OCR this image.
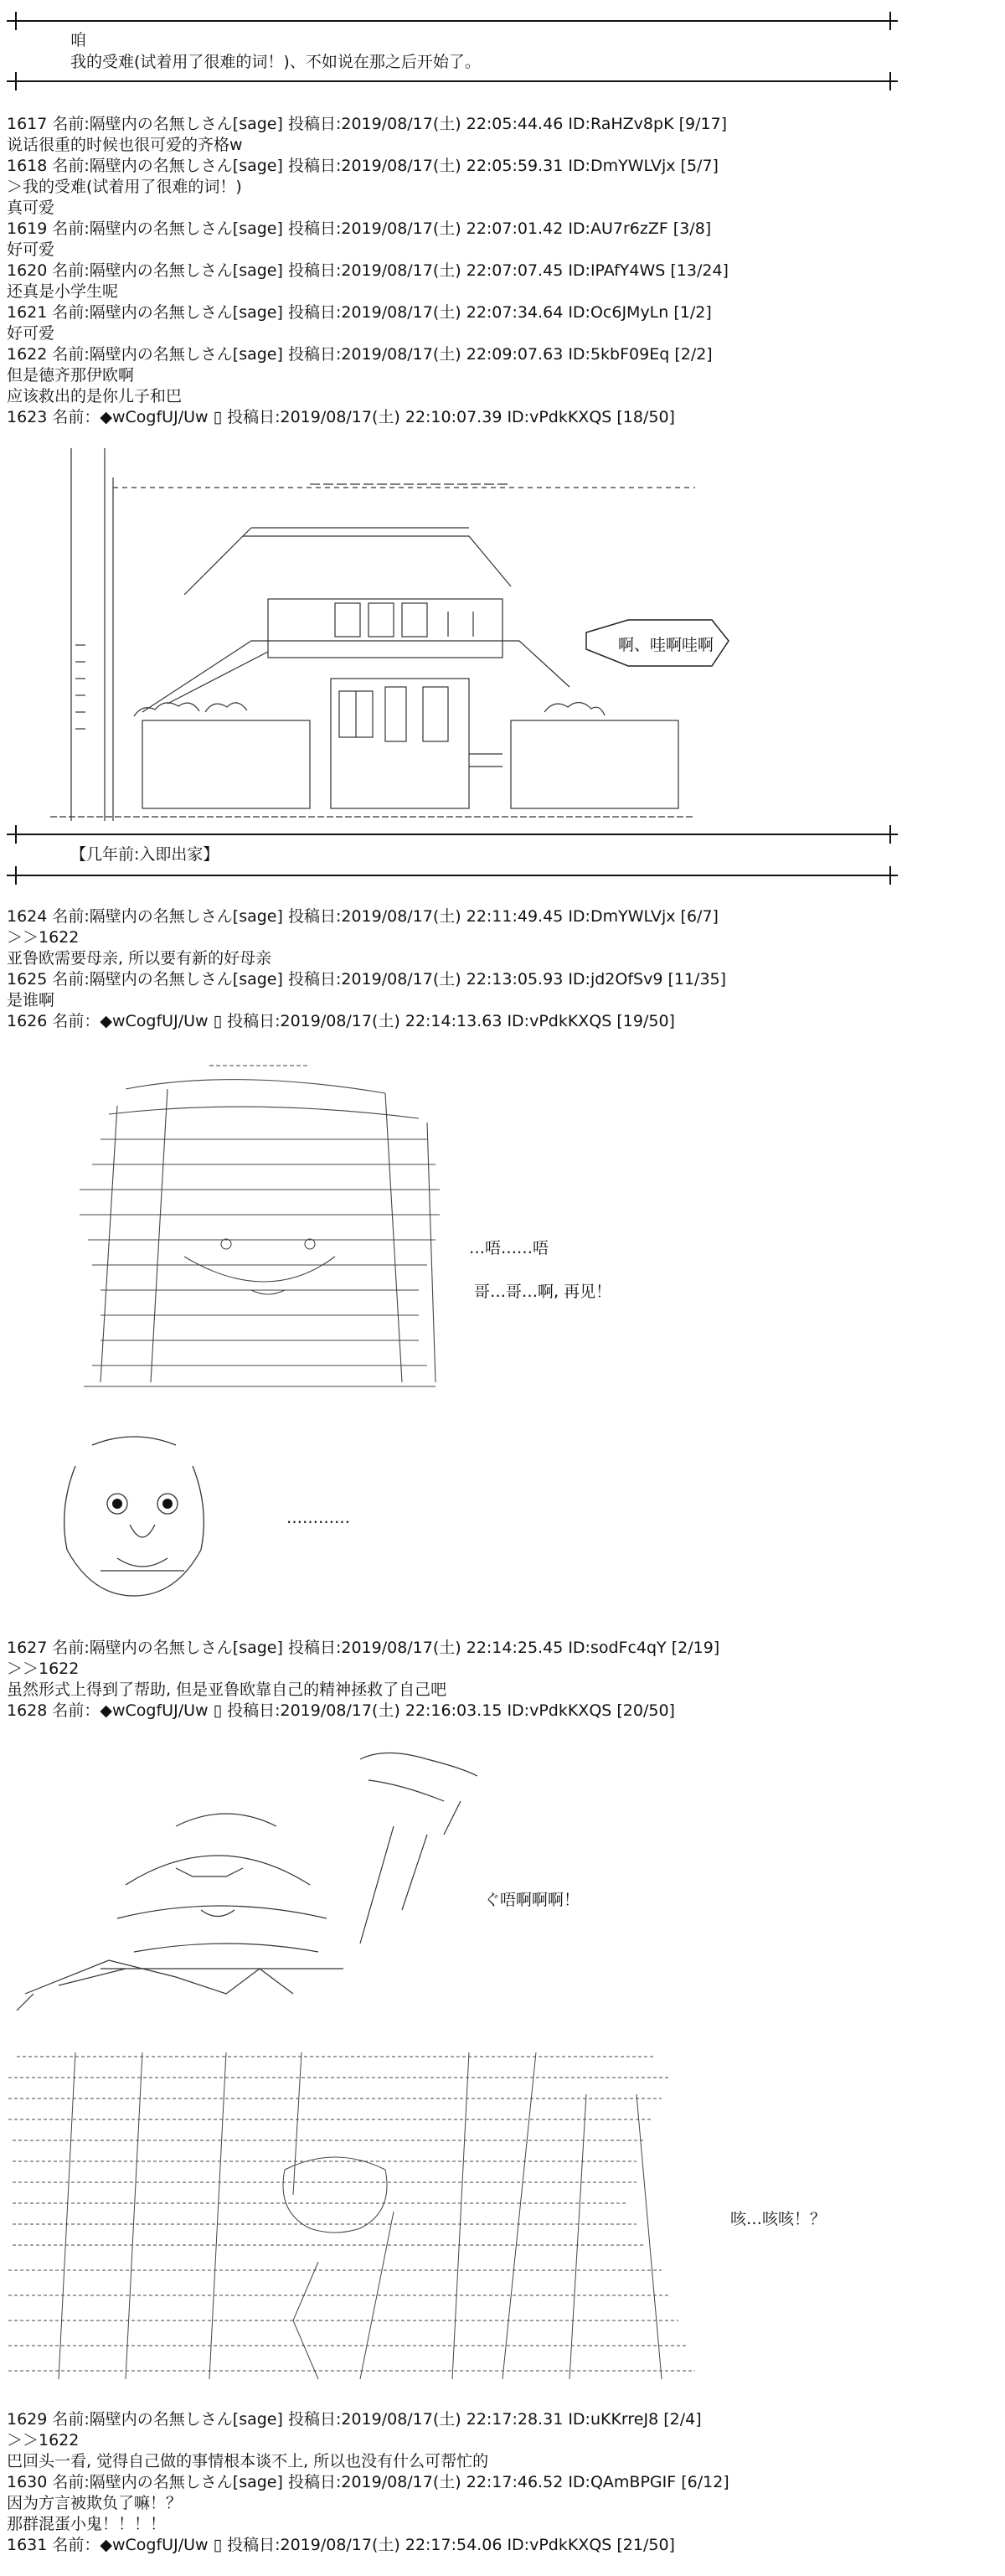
咱
我的受难(试着用了很难的词！)、不如说在那之后开始了。
1617 名前:隔壁内の名無しさん[sage] 投稿日:2019/08/17(土) 22:05:44.46 ID:RaHZv8pK [9/17]
说话很重的时候也很可爱的齐格w
1618 名前:隔壁内の名無しさん[sage] 投稿日:2019/08/17(土) 22:05:59.31 ID:DmYWLVjx [5/7]
＞我的受难(试着用了很难的词！)
真可爱
1619 名前:隔壁内の名無しさん[sage] 投稿日:2019/08/17(土) 22:07:01.42 ID:AU7r6zZF [3/8]
好可爱
1620 名前:隔壁内の名無しさん[sage] 投稿日:2019/08/17(土) 22:07:07.45 ID:IPAfY4WS [13/24]
还真是小学生呢
1621 名前:隔壁内の名無しさん[sage] 投稿日:2019/08/17(土) 22:07:34.64 ID:Oc6JMyLn [1/2]
好可爱
1622 名前:隔壁内の名無しさん[sage] 投稿日:2019/08/17(土) 22:09:07.63 ID:5kbF09Eq [2/2]
但是德齐那伊欧啊
应该救出的是你儿子和巴
1623 名前：◆wCogfUJ/Uw ▯ 投稿日:2019/08/17(土) 22:10:07.39 ID:vPdkKXQS [18/50]
啊、哇啊哇啊
【几年前:入即出家】
1624 名前:隔壁内の名無しさん[sage] 投稿日:2019/08/17(土) 22:11:49.45 ID:DmYWLVjx [6/7]
＞＞1622
亚鲁欧需要母亲, 所以要有新的好母亲
1625 名前:隔壁内の名無しさん[sage] 投稿日:2019/08/17(土) 22:13:05.93 ID:jd2OfSv9 [11/35]
是谁啊
1626 名前：◆wCogfUJ/Uw ▯ 投稿日:2019/08/17(土) 22:14:13.63 ID:vPdkKXQS [19/50]
…唔……唔
哥…哥…啊, 再见！
…………
1627 名前:隔壁内の名無しさん[sage] 投稿日:2019/08/17(土) 22:14:25.45 ID:sodFc4qY [2/19]
＞＞1622
虽然形式上得到了帮助, 但是亚鲁欧靠自己的精神拯救了自己吧
1628 名前：◆wCogfUJ/Uw ▯ 投稿日:2019/08/17(土) 22:16:03.15 ID:vPdkKXQS [20/50]
ぐ唔啊啊啊！
咳…咳咳！？
1629 名前:隔壁内の名無しさん[sage] 投稿日:2019/08/17(土) 22:17:28.31 ID:uKKrreJ8 [2/4]
＞＞1622
巴回头一看, 觉得自己做的事情根本谈不上, 所以也没有什么可帮忙的
1630 名前:隔壁内の名無しさん[sage] 投稿日:2019/08/17(土) 22:17:46.52 ID:QAmBPGIF [6/12]
因为方言被欺负了嘛！？
那群混蛋小鬼！！！！
1631 名前：◆wCogfUJ/Uw ▯ 投稿日:2019/08/17(土) 22:17:54.06 ID:vPdkKXQS [21/50]
